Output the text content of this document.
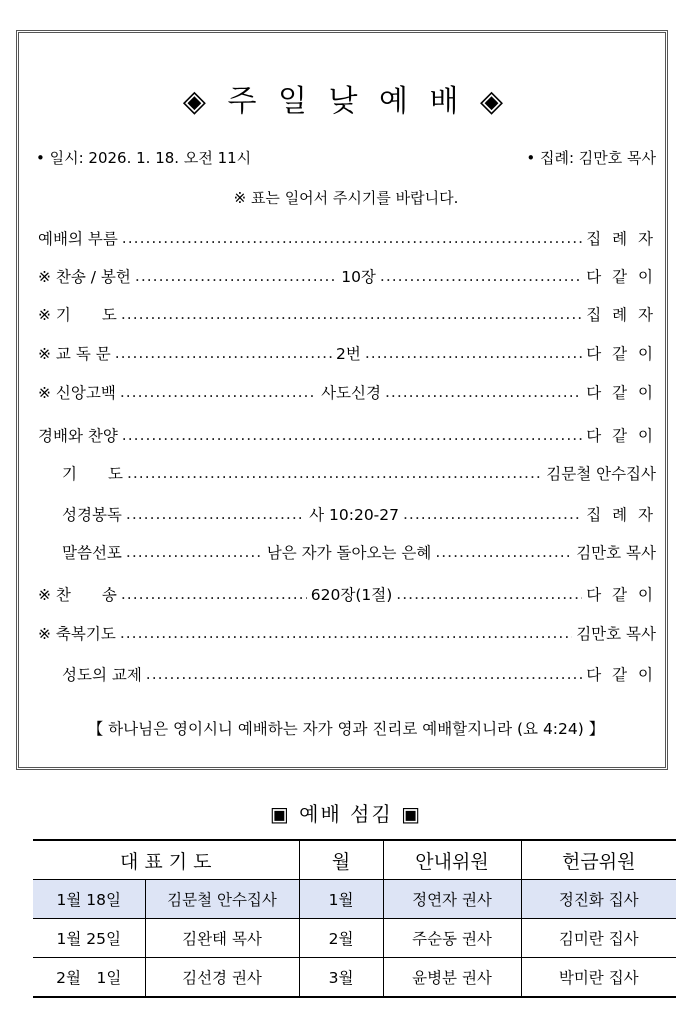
◈ 주 일 낮 예 배 ◈
• 일시: 2026. 1. 18. 오전 11시	• 집례: 김만호 목사
※ 표는 일어서 주시기를 바랍니다.
예배의 부름 .....	집 례 자
※ 찬송 / 봉헌 .....	10장 .....	다 같 이
※ 기　　도 .....	집 례 자
※ 교 독 문 .....	2번 .....	다 같 이
※ 신앙고백 .....	사도신경 .....	다 같 이
경배와 찬양 .....	다 같 이
기　　도 .....	김문철 안수집사
성경봉독 .....	사 10:20-27 .....	집 례 자
말씀선포 .....	남은 자가 돌아오는 은혜 .....	김만호 목사
※ 찬　　송 .....	620장(1절) .....	다 같 이
※ 축복기도 .....	김만호 목사
성도의 교제 .....	다 같 이
【 하나님은 영이시니 예배하는 자가 영과 진리로 예배할지니라 (요 4:24) 】
▣ 예배 섬김 ▣
대 표 기 도		월	안내위원	헌금위원
1월 18일	김문철 안수집사	1월	정연자 권사	정진화 집사
1월 25일	김완태 목사	2월	주순동 권사	김미란 집사
2월　1일	김선경 권사	3월	윤병분 권사	박미란 집사
